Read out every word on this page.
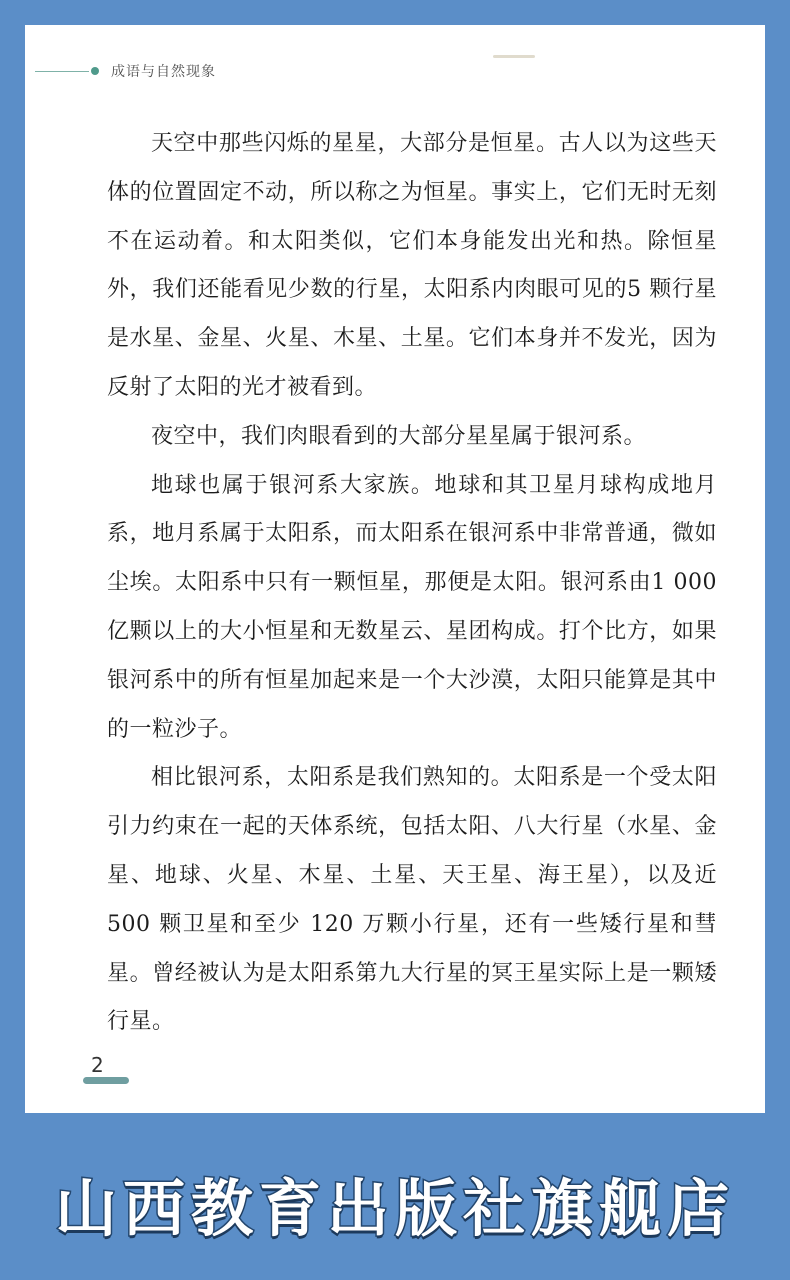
成语与自然现象

天空中那些闪烁的星星，大部分是恒星。古人以为这些天体的位置固定不动，所以称之为恒星。事实上，它们无时无刻不在运动着。和太阳类似，它们本身能发出光和热。除恒星外，我们还能看见少数的行星，太阳系内肉眼可见的5 颗行星是水星、金星、火星、木星、土星。它们本身并不发光，因为反射了太阳的光才被看到。

夜空中，我们肉眼看到的大部分星星属于银河系。

地球也属于银河系大家族。地球和其卫星月球构成地月系，地月系属于太阳系，而太阳系在银河系中非常普通，微如尘埃。太阳系中只有一颗恒星，那便是太阳。银河系由1 000 亿颗以上的大小恒星和无数星云、星团构成。打个比方，如果银河系中的所有恒星加起来是一个大沙漠，太阳只能算是其中的一粒沙子。

相比银河系，太阳系是我们熟知的。太阳系是一个受太阳引力约束在一起的天体系统，包括太阳、八大行星（水星、金星、地球、火星、木星、土星、天王星、海王星），以及近500 颗卫星和至少 120 万颗小行星，还有一些矮行星和彗星。曾经被认为是太阳系第九大行星的冥王星实际上是一颗矮行星。

2
山西教育出版社旗舰店
